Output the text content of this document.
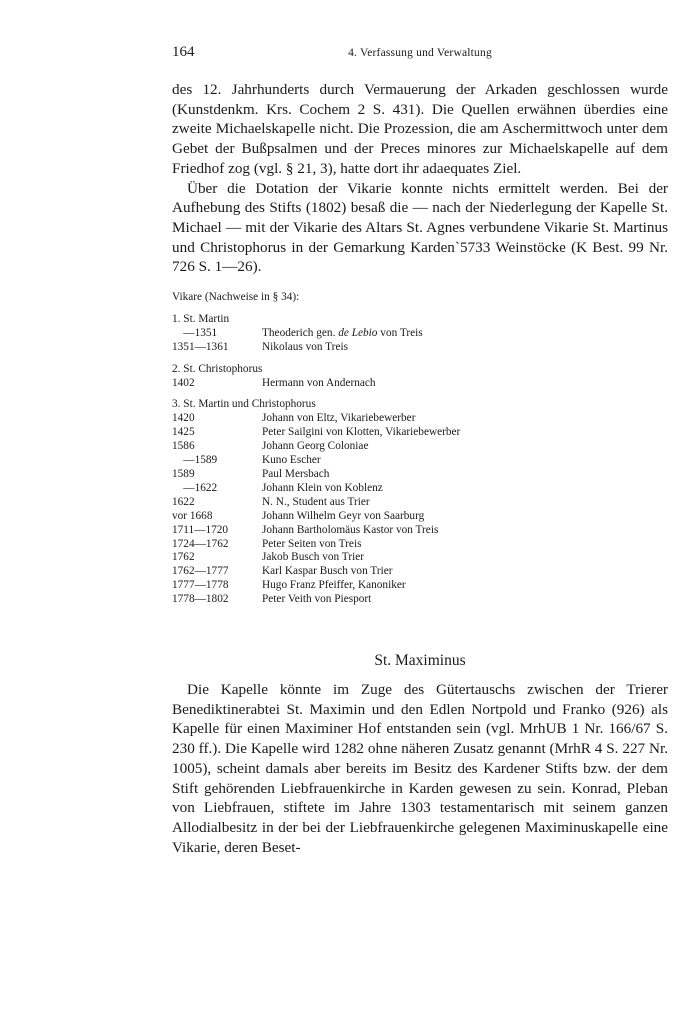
164	4. Verfassung und Verwaltung

des 12. Jahrhunderts durch Vermauerung der Arkaden geschlossen wurde (Kunstdenkm. Krs. Cochem 2 S. 431). Die Quellen erwähnen überdies eine zweite Michaelskapelle nicht. Die Prozession, die am Aschermittwoch unter dem Gebet der Bußpsalmen und der Preces minores zur Michaelskapelle auf dem Friedhof zog (vgl. § 21, 3), hatte dort ihr adaequates Ziel.

Über die Dotation der Vikarie konnte nichts ermittelt werden. Bei der Aufhebung des Stifts (1802) besaß die — nach der Niederlegung der Kapelle St. Michael — mit der Vikarie des Altars St. Agnes verbundene Vikarie St. Martinus und Christophorus in der Gemarkung Karden`5733 Weinstöcke (K Best. 99 Nr. 726 S. 1—26).

Vikare (Nachweise in § 34):
1. St. Martin
—1351	Theoderich gen. de Lebio von Treis
1351—1361	Nikolaus von Treis
2. St. Christophorus
1402	Hermann von Andernach
3. St. Martin und Christophorus
1420	Johann von Eltz, Vikariebewerber
1425	Peter Sailgini von Klotten, Vikariebewerber
1586	Johann Georg Coloniae
—1589	Kuno Escher
1589	Paul Mersbach
—1622	Johann Klein von Koblenz
1622	N. N., Student aus Trier
vor 1668	Johann Wilhelm Geyr von Saarburg
1711—1720	Johann Bartholomäus Kastor von Treis
1724—1762	Peter Seiten von Treis
1762	Jakob Busch von Trier
1762—1777	Karl Kaspar Busch von Trier
1777—1778	Hugo Franz Pfeiffer, Kanoniker
1778—1802	Peter Veith von Piesport
St. Maximinus

Die Kapelle könnte im Zuge des Gütertauschs zwischen der Trierer Benediktinerabtei St. Maximin und den Edlen Nortpold und Franko (926) als Kapelle für einen Maximiner Hof entstanden sein (vgl. MrhUB 1 Nr. 166/67 S. 230 ff.). Die Kapelle wird 1282 ohne näheren Zusatz genannt (MrhR 4 S. 227 Nr. 1005), scheint damals aber bereits im Besitz des Kardener Stifts bzw. der dem Stift gehörenden Liebfrauenkirche in Karden gewesen zu sein. Konrad, Pleban von Liebfrauen, stiftete im Jahre 1303 testamentarisch mit seinem ganzen Allodialbesitz in der bei der Liebfrauenkirche gelegenen Maximinuskapelle eine Vikarie, deren Beset-
